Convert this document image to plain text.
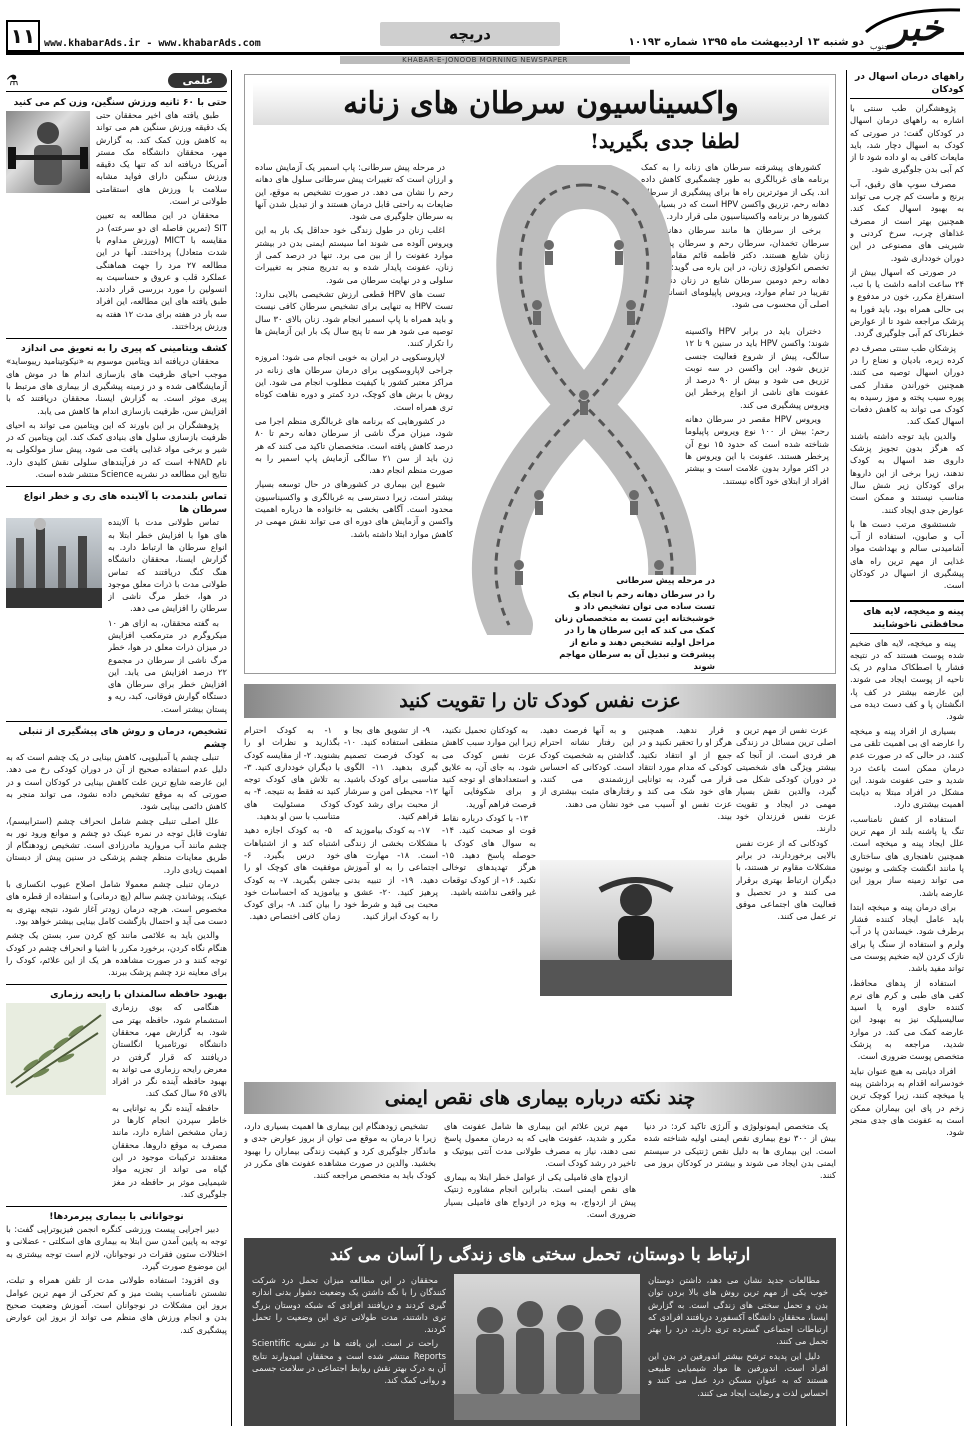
۱۱ www.khabarAds.ir - www.khabarAds.com
دریچه	دو شنبه ۱۳ اردیبهشت ماه ۱۳۹۵ شماره ۱۰۱۹۳ خبر
جنوب
KHABAR-E-JONOOB MORNING NEWSPAPER
علمی
⚗
حتی با ۶۰ ثانیه ورزش سنگین، وزن کم می کنید

طبق یافته های اخیر محققان حتی یک دقیقه ورزش سنگین هم می تواند به کاهش وزن کمک کند. به گزارش مهر، محققان دانشگاه مک مستر آمریکا دریافته اند که تنها یک دقیقه ورزش سنگین دارای فواید مشابه سلامت با ورزش های استقامتی طولانی تر است.

محققان در این مطالعه به تعیین SIT (تمرین فاصله ای دو سرعته) در مقایسه با MICT (ورزش مداوم با شدت متعادل) پرداختند. آنها در این مطالعه ۲۷ مرد را جهت هماهنگی عملکرد قلب و عروق و حساسیت به انسولین را مورد بررسی قرار دادند. طبق یافته های این مطالعه، این افراد سه بار در هفته برای مدت ۱۲ هفته به ورزش پرداختند.

کشف ویتامینی که پیری را به تعویق می اندازد

محققان دریافته اند ویتامین موسوم به «نیکوتینامید ریبوساید» موجب احیای ظرفیت های بازسازی اندام ها در موش های آزمایشگاهی شده و در زمینه پیشگیری از بیماری های مرتبط با پیری موثر است. به گزارش ایسنا، محققان دریافتند که با افزایش سن، ظرفیت بازسازی اندام ها کاهش می یابد.

پژوهشگران بر این باورند که این ویتامین می تواند به احیای ظرفیت بازسازی سلول های بنیادی کمک کند. این ویتامین که در شیر و برخی مواد غذایی یافت می شود، پیش ساز مولکولی به نام NAD+ است که در فرآیندهای سلولی نقش کلیدی دارد. نتایج این مطالعه در نشریه Science منتشر شده است.

تماس بلندمدت با آلاینده های ری و خطر انواع سرطان ها

تماس طولانی مدت با آلاینده های هوا با افزایش خطر ابتلا به انواع سرطان ها ارتباط دارد. به گزارش ایسنا، محققان دانشگاه هنگ کنگ دریافتند که تماس طولانی مدت با ذرات معلق موجود در هوا، خطر مرگ ناشی از سرطان را افزایش می دهد.

به گفته محققان، به ازای هر ۱۰ میکروگرم در مترمکعب افزایش در میزان ذرات معلق در هوا، خطر مرگ ناشی از سرطان در مجموع ۲۲ درصد افزایش می یابد. این افزایش خطر برای سرطان های دستگاه گوارش فوقانی، کبد، ریه و پستان بیشتر است.

تشخیص، درمان و روش های پیشگیری از تنبلی چشم

تنبلی چشم یا آمبلیوپی، کاهش بینایی در یک چشم است که به دلیل عدم استفاده صحیح از آن در دوران کودکی رخ می دهد. این عارضه شایع ترین علت کاهش بینایی در کودکان است و در صورتی که به موقع تشخیص داده نشود، می تواند منجر به کاهش دائمی بینایی شود.

علل اصلی تنبلی چشم شامل انحراف چشم (استرابیسم)، تفاوت قابل توجه در نمره عینک دو چشم و موانع ورود نور به چشم مانند آب مروارید مادرزادی است. تشخیص زودهنگام از طریق معاینات منظم چشم پزشکی در سنین پیش از دبستان اهمیت زیادی دارد.

درمان تنبلی چشم معمولا شامل اصلاح عیوب انکساری با عینک، پوشاندن چشم سالم (پچ درمانی) و استفاده از قطره های مخصوص است. هرچه درمان زودتر آغاز شود، نتیجه بهتری به دست می آید و احتمال بازگشت کامل بینایی بیشتر خواهد بود.

والدین باید به علائمی مانند کج کردن سر، بستن یک چشم هنگام نگاه کردن، برخورد مکرر با اشیا و انحراف چشم در کودک توجه کنند و در صورت مشاهده هر یک از این علائم، کودک را برای معاینه نزد چشم پزشک ببرند.

بهبود حافظه سالمندان با رایحه رزماری

هنگامی که بوی رزماری استشمام شود، حافظه بهتر می شود. به گزارش مهر، محققان دانشگاه نورثامبریا انگلستان دریافتند که قرار گرفتن در معرض رایحه رزماری می تواند به بهبود حافظه آینده نگر در افراد بالای ۶۵ سال کمک کند.

حافظه آینده نگر به توانایی به خاطر سپردن انجام کارها در زمان مشخص اشاره دارد، مانند مصرف به موقع داروها. محققان معتقدند ترکیبات موجود در این گیاه می تواند از تجزیه مواد شیمیایی موثر بر حافظه در مغز جلوگیری کند.

نوجوانانی با بیماری پیرمردها!

دبیر اجرایی پیست ورزشی کنگره انجمن فیزیوتراپی گفت: با توجه به پایین آمدن سن ابتلا به بیماری های اسکلتی - عضلانی و اختلالات ستون فقرات در نوجوانان، لازم است توجه بیشتری به این موضوع صورت گیرد.

وی افزود: استفاده طولانی مدت از تلفن همراه و تبلت، نشستن نامناسب پشت میز و کم تحرکی از مهم ترین عوامل بروز این مشکلات در نوجوانان است. آموزش وضعیت صحیح بدن و انجام ورزش های منظم می تواند از بروز این عوارض پیشگیری کند.

راههای درمان اسهال در کودکان

پژوهشگران طب سنتی با اشاره به راههای درمان اسهال در کودکان گفت: در صورتی که کودک به اسهال دچار شد، باید مایعات کافی به او داده شود تا از کم آبی بدن جلوگیری شود.

مصرف سوپ های رقیق، آب برنج و ماست کم چرب می تواند به بهبود اسهال کمک کند. همچنین بهتر است از مصرف غذاهای چرب، سرخ کردنی و شیرینی های مصنوعی در این دوران خودداری شود.

در صورتی که اسهال بیش از ۲۴ ساعت ادامه داشت یا با تب، استفراغ مکرر، خون در مدفوع و بی حالی همراه بود، باید فورا به پزشک مراجعه شود تا از عوارض خطرناک کم آبی جلوگیری گردد.

پزشکان طب سنتی مصرف دم کرده زیره، بادیان و نعناع را در دوران اسهال توصیه می کنند. همچنین خوراندن مقدار کمی پوره سیب پخته و موز رسیده به کودک می تواند به کاهش دفعات اسهال کمک کند.

والدین باید توجه داشته باشند که هرگز بدون تجویز پزشک داروی ضد اسهال به کودک ندهند، زیرا برخی از این داروها برای کودکان زیر شش سال مناسب نیستند و ممکن است عوارض جدی ایجاد کنند.

شستشوی مرتب دست ها با آب و صابون، استفاده از آب آشامیدنی سالم و بهداشت مواد غذایی از مهم ترین راه های پیشگیری از اسهال در کودکان است.

پینه و میخچه، لایه های محافظتی ناخوشایند

پینه و میخچه، لایه های ضخیم شده پوست هستند که در نتیجه فشار یا اصطکاک مداوم در یک ناحیه از پوست ایجاد می شوند. این عارضه بیشتر در کف پا، انگشتان پا و کف دست دیده می شود.

بسیاری از افراد پینه و میخچه را عارضه ای بی اهمیت تلقی می کنند، در حالی که در صورت عدم درمان ممکن است باعث درد شدید و حتی عفونت شوند. این مشکل در افراد مبتلا به دیابت اهمیت بیشتری دارد.

استفاده از کفش نامناسب، تنگ یا پاشنه بلند از مهم ترین علل ایجاد پینه و میخچه است. همچنین ناهنجاری های ساختاری پا مانند انگشت چکشی و بونیون می تواند زمینه ساز بروز این عارضه باشد.

برای درمان پینه و میخچه ابتدا باید عامل ایجاد کننده فشار برطرف شود. خیساندن پا در آب ولرم و استفاده از سنگ پا برای نازک کردن لایه ضخیم پوست می تواند مفید باشد.

استفاده از پدهای محافظ، کفی های طبی و کرم های نرم کننده حاوی اوره یا اسید سالیسیلیک نیز به بهبود این عارضه کمک می کند. در موارد شدید، مراجعه به پزشک متخصص پوست ضروری است.

افراد دیابتی به هیچ عنوان نباید خودسرانه اقدام به برداشتن پینه یا میخچه کنند، زیرا کوچک ترین زخم در پای این بیماران ممکن است به عفونت های جدی منجر شود.

واکسیناسیون سرطان های زنانه
لطفا جدی بگیرید!

کشورهای پیشرفته سرطان های زنانه را به کمک برنامه های غربالگری به طور چشمگیری کاهش داده اند. یکی از موثرترین راه ها برای پیشگیری از سرطان دهانه رحم، تزریق واکسن HPV است که در بسیاری از کشورها در برنامه واکسیناسیون ملی قرار دارد.

برخی از سرطان ها مانند سرطان دهانه رحم، سرطان تخمدان، سرطان رحم و سرطان پستان در زنان شایع هستند. دکتر فاطمه قائم مقامی، فوق تخصص انکولوژی زنان، در این باره می گوید: سرطان دهانه رحم دومین سرطان شایع در زنان دنیاست و تقریبا در تمام موارد، ویروس پاپیلومای انسانی عامل اصلی آن محسوب می شود.

دختران باید در برابر HPV واکسینه شوند: واکسن HPV باید در سنین ۹ تا ۱۲ سالگی، پیش از شروع فعالیت جنسی تزریق شود. این واکسن در سه نوبت تزریق می شود و بیش از ۹۰ درصد از عفونت های ناشی از انواع پرخطر این ویروس پیشگیری می کند.

ویروس HPV مقصر در سرطان دهانه رحم: بیش از ۱۰۰ نوع ویروس پاپیلوما شناخته شده است که حدود ۱۵ نوع آن پرخطر هستند. عفونت با این ویروس ها در اکثر موارد بدون علامت است و بیشتر افراد از ابتلای خود آگاه نیستند.

در مرحله پیش سرطانی: پاپ اسمیر یک آزمایش ساده و ارزان است که تغییرات پیش سرطانی سلول های دهانه رحم را نشان می دهد. در صورت تشخیص به موقع، این ضایعات به راحتی قابل درمان هستند و از تبدیل شدن آنها به سرطان جلوگیری می شود.

اغلب زنان در طول زندگی خود حداقل یک بار به این ویروس آلوده می شوند اما سیستم ایمنی بدن در بیشتر موارد عفونت را از بین می برد. تنها در درصد کمی از زنان، عفونت پایدار شده و به تدریج منجر به تغییرات سلولی و در نهایت سرطان می شود.

تست های HPV قطعی ارزش تشخیصی بالایی ندارد: تست HPV به تنهایی برای تشخیص سرطان کافی نیست و باید همراه با پاپ اسمیر انجام شود. زنان بالای ۳۰ سال توصیه می شود هر سه تا پنج سال یک بار این آزمایش ها را تکرار کنند.

لاپاروسکوپی در ایران به خوبی انجام می شود: امروزه جراحی لاپاروسکوپی برای درمان سرطان های زنانه در مراکز معتبر کشور با کیفیت مطلوب انجام می شود. این روش با برش های کوچک، درد کمتر و دوره نقاهت کوتاه تری همراه است.

در کشورهایی که برنامه های غربالگری منظم اجرا می شود، میزان مرگ ناشی از سرطان دهانه رحم تا ۸۰ درصد کاهش یافته است. متخصصان تاکید می کنند که هر زن باید از سن ۲۱ سالگی آزمایش پاپ اسمیر را به صورت منظم انجام دهد.

شیوع این بیماری در کشورهای در حال توسعه بسیار بیشتر است، زیرا دسترسی به غربالگری و واکسیناسیون محدود است. آگاهی بخشی به خانواده ها درباره اهمیت واکسن و آزمایش های دوره ای می تواند نقش مهمی در کاهش موارد ابتلا داشته باشد.

در مرحله پیش سرطانی
را در سرطان دهانه رحم با انجام یک تست ساده می توان تشخیص داد و خوشبختانه این تست به متخصصان زنان کمک می کند که این سرطان ها را در مراحل اولیه تشخیص دهند و مانع از پیشرفت و تبدیل آن به سرطان مهاجم شوند
عزت نفس کودک تان را تقویت کنید

عزت نفس از مهم ترین و اصلی ترین مسائل در زندگی هر فردی است. از آنجا که بیشتر ویژگی های شخصیتی در دوران کودکی شکل می گیرد، والدین نقش بسیار مهمی در ایجاد و تقویت عزت نفس فرزندان خود دارند.

کودکانی که از عزت نفس بالایی برخوردارند، در برابر مشکلات مقاوم تر هستند، با دیگران ارتباط بهتری برقرار می کنند و در تحصیل و فعالیت های اجتماعی موفق تر عمل می کنند.

قرار ندهید. همچنین هرگز او را تحقیر نکنید و در جمع از او انتقاد نکنید. کودکی که مدام مورد انتقاد قرار می گیرد، به توانایی های خود شک می کند و عزت نفس او آسیب می بیند.

و به آنها فرصت دهید. این رفتار نشانه احترام گذاشتن به شخصیت کودک است. کودکانی که احساس ارزشمندی می کنند، رفتارهای مثبت بیشتری از خود نشان می دهند.

به کودکتان تحمیل نکنید، زیرا این موارد سبب کاهش عزت نفس کودک می شود. به جای آن، به علایق و استعدادهای او توجه کنید و برای شکوفایی آنها فرصت فراهم آورید.

۱۳- با کودک درباره نقاط قوت او صحبت کنید. ۱۴- به سوال های کودک با حوصله پاسخ دهید. ۱۵- هرگز تهدیدهای توخالی نکنید. ۱۶- از کودک توقعات غیر واقعی نداشته باشید.

۹- از تشویق های بجا و منطقی استفاده کنید. ۱۰- به کودک فرصت تصمیم گیری بدهید. ۱۱- الگوی مناسبی برای کودک باشید. ۱۲- محیطی امن و سرشار از محبت برای رشد کودک فراهم کنید.

۱۷- به کودک بیاموزید که مشکلات بخشی از زندگی است. ۱۸- مهارت های اجتماعی را به او آموزش دهید. ۱۹- از تنبیه بدنی پرهیز کنید. ۲۰- عشق و محبت بی قید و شرط خود را به کودک ابراز کنید.

۱- به کودک احترام بگذارید و نظرات او را بشنوید. ۲- از مقایسه کودک با دیگران خودداری کنید. ۳- به تلاش های کودک توجه کنید نه فقط به نتیجه. ۴- به کودک مسئولیت های متناسب با سن او بدهید.

۵- به کودک اجازه دهید اشتباه کند و از اشتباهات خود درس بگیرد. ۶- موفقیت های کوچک او را جشن بگیرید. ۷- به کودک بیاموزید که احساسات خود را بیان کند. ۸- برای کودک زمان کافی اختصاص دهید.

چند نکته درباره بیماری های نقص ایمنی

یک متخصص ایمونولوژی و آلرژی تاکید کرد: در دنیا بیش از ۳۰۰ نوع بیماری نقص ایمنی اولیه شناخته شده است. این بیماری ها به دلیل نقص ژنتیکی در سیستم ایمنی بدن ایجاد می شوند و بیشتر در کودکان بروز می کنند.

مهم ترین علائم این بیماری ها شامل عفونت های مکرر و شدید، عفونت هایی که به درمان معمول پاسخ نمی دهند، نیاز به مصرف طولانی مدت آنتی بیوتیک و تاخیر در رشد کودک است.

ازدواج های فامیلی یکی از عوامل خطر ابتلا به بیماری های نقص ایمنی است. بنابراین انجام مشاوره ژنتیک پیش از ازدواج، به ویژه در ازدواج های فامیلی بسیار ضروری است.

تشخیص زودهنگام این بیماری ها اهمیت بسیاری دارد، زیرا با درمان به موقع می توان از بروز عوارض جدی و ماندگار جلوگیری کرد و کیفیت زندگی بیماران را بهبود بخشید. والدین در صورت مشاهده عفونت های مکرر در کودک باید به متخصص مراجعه کنند.

ارتباط با دوستان، تحمل سختی های زندگی را آسان می کند

مطالعات جدید نشان می دهد، داشتن دوستان خوب یکی از مهم ترین روش های بالا بردن توان بدن و تحمل سختی های زندگی است. به گزارش ایسنا، محققان دانشگاه آکسفورد دریافتند افرادی که ارتباطات اجتماعی گسترده تری دارند، درد را بهتر تحمل می کنند.

دلیل این پدیده ترشح بیشتر اندورفین در بدن این افراد است. اندورفین ها مواد شیمیایی طبیعی هستند که به عنوان مسکن درد عمل می کنند و احساس لذت و رضایت ایجاد می کنند.

محققان در این مطالعه میزان تحمل درد شرکت کنندگان را با نگه داشتن یک وضعیت دشوار بدنی اندازه گیری کردند و دریافتند افرادی که شبکه دوستان بزرگ تری داشتند، مدت طولانی تری این وضعیت را تحمل کردند.

راحت تر است. این یافته ها در نشریه Scientific Reports منتشر شده است و محققان امیدوارند نتایج آن به درک بهتر نقش روابط اجتماعی در سلامت جسمی و روانی کمک کند.
